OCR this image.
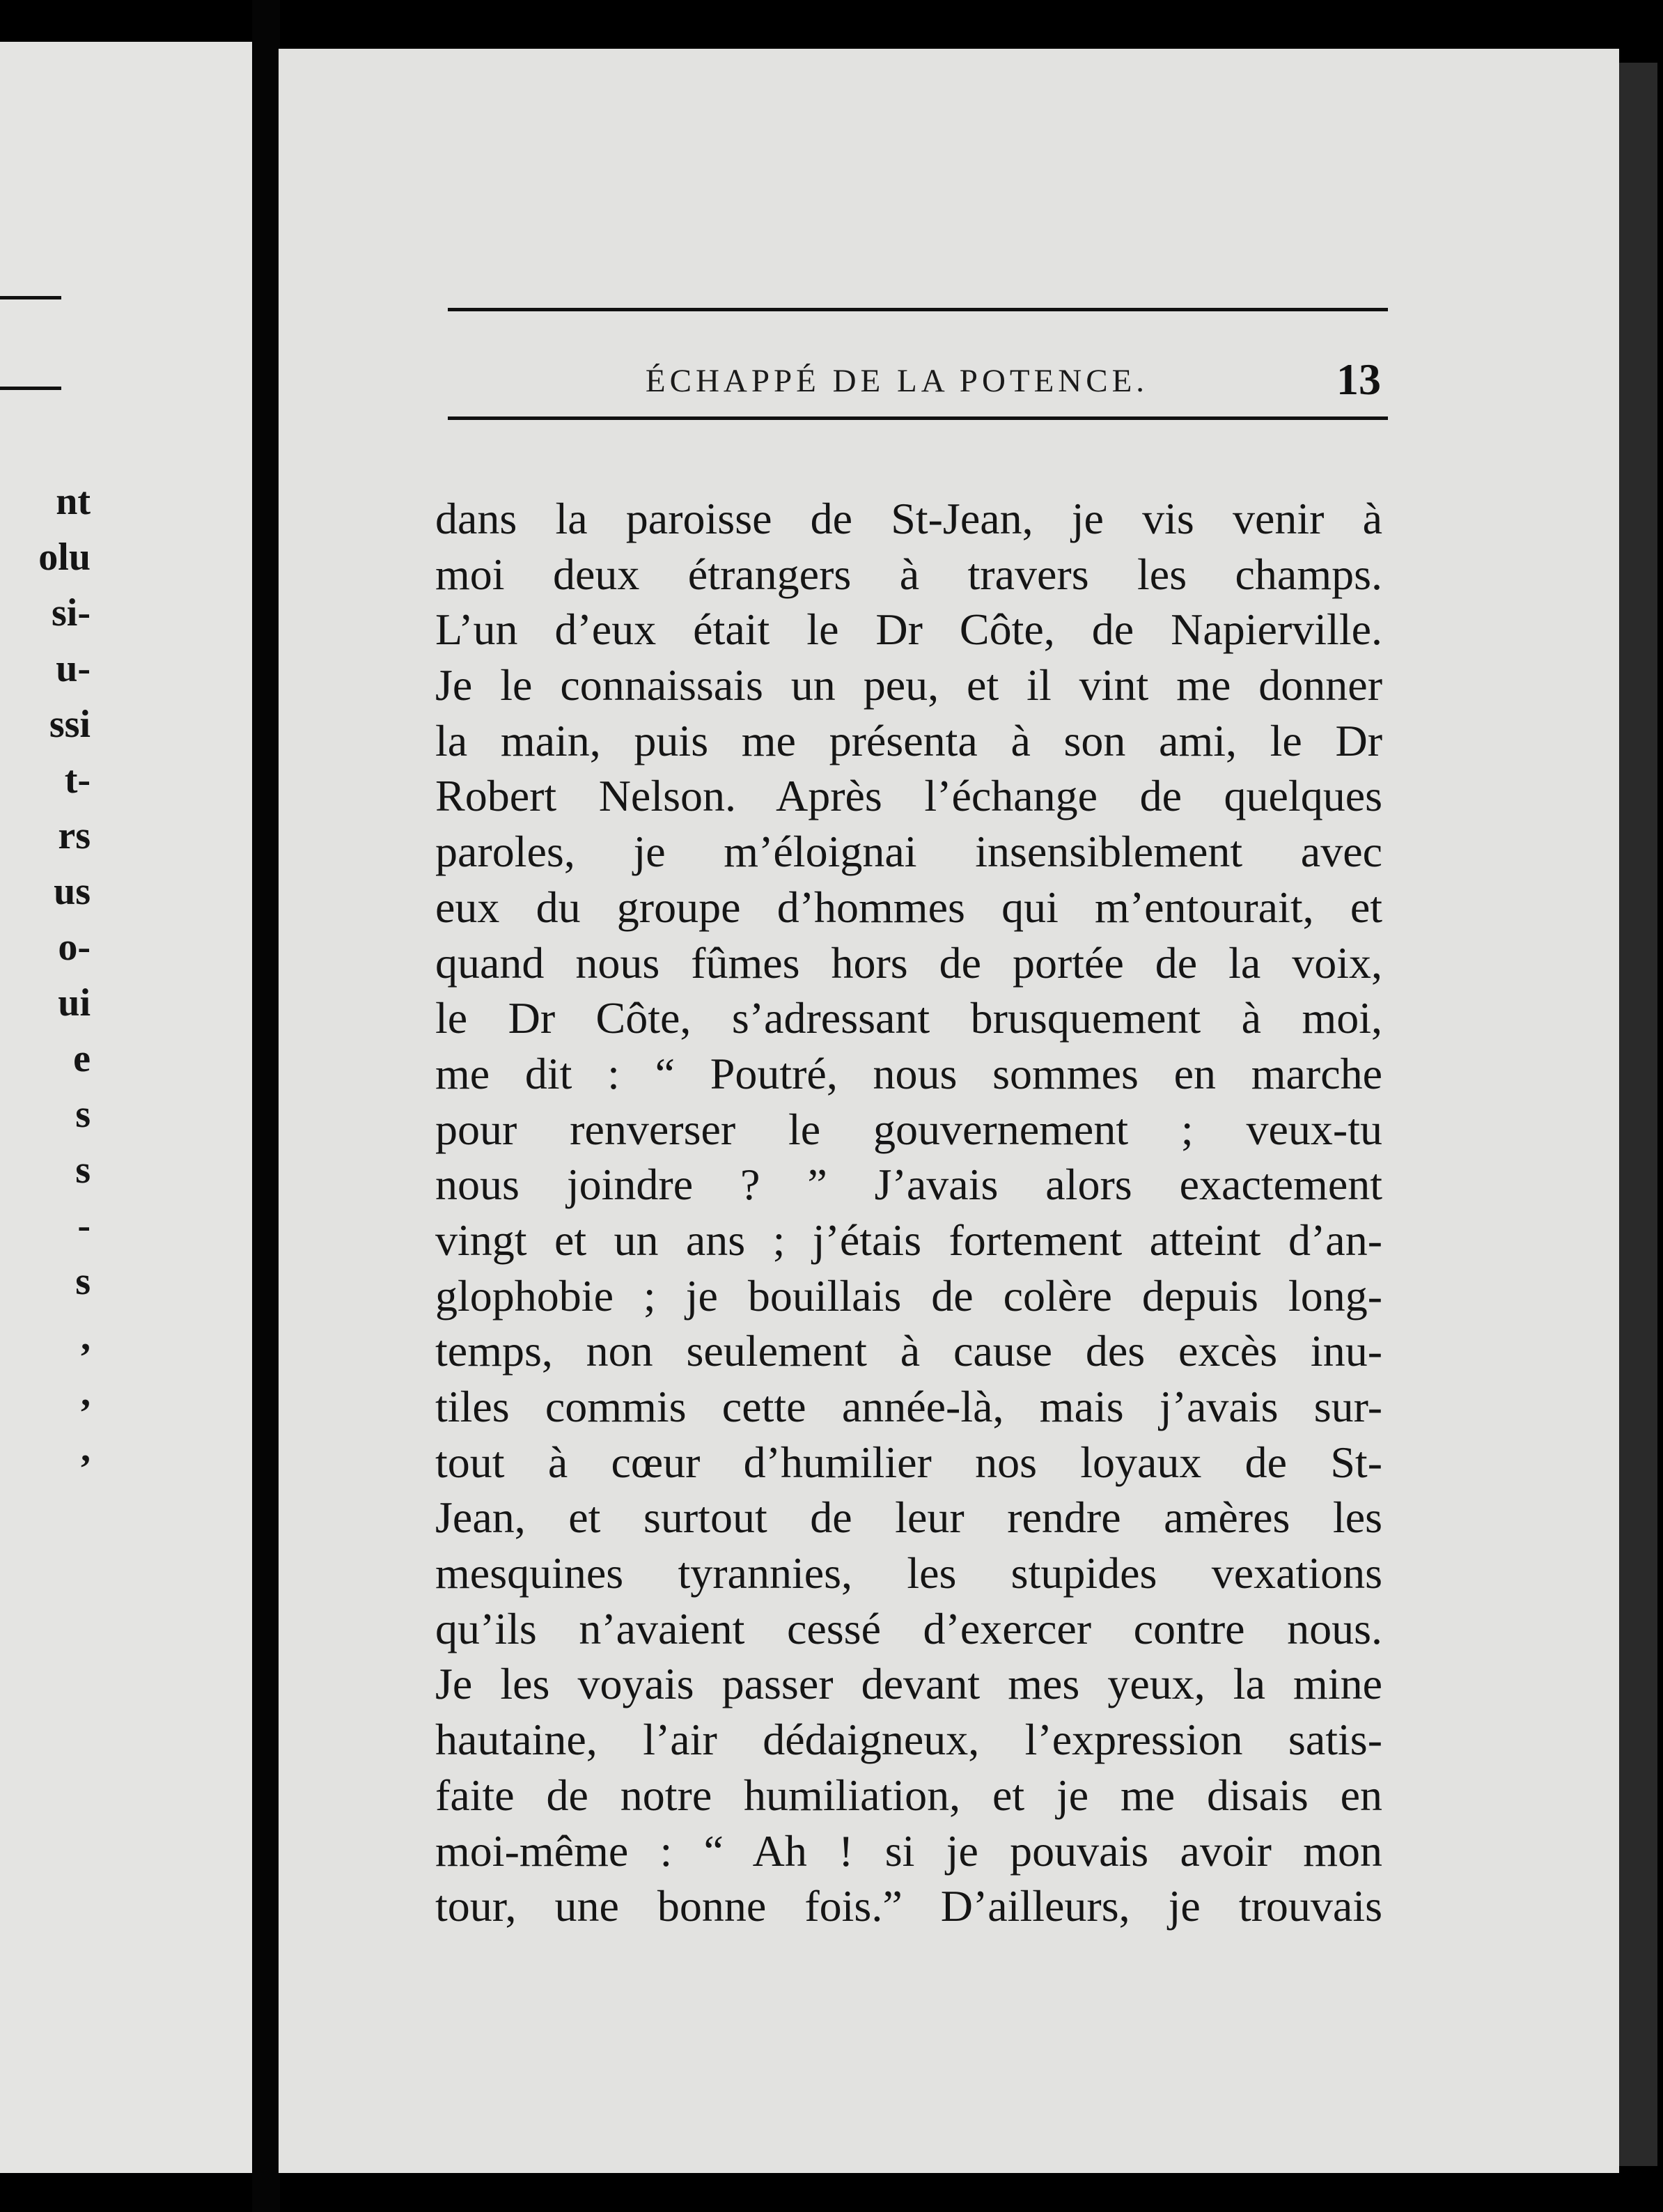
nt
olu
si-
u-
ssi
t-
rs
us
o-
ui
e
s
s
-
s
,
,
,
ÉCHAPPÉ DE LA POTENCE.	13
dans la paroisse de St-Jean, je vis venir à
moi deux étrangers à travers les champs.
L’un d’eux était le Dr Côte, de Napierville.
Je le connaissais un peu, et il vint me donner
la main, puis me présenta à son ami, le Dr
Robert Nelson. Après l’échange de quelques
paroles, je m’éloignai insensiblement avec
eux du groupe d’hommes qui m’entourait, et
quand nous fûmes hors de portée de la voix,
le Dr Côte, s’adressant brusquement à moi,
me dit : “ Poutré, nous sommes en marche
pour renverser le gouvernement ; veux-tu
nous joindre ? ” J’avais alors exactement
vingt et un ans ; j’étais fortement atteint d’an-
glophobie ; je bouillais de colère depuis long-
temps, non seulement à cause des excès inu-
tiles commis cette année-là, mais j’avais sur-
tout à cœur d’humilier nos loyaux de St-
Jean, et surtout de leur rendre amères les
mesquines tyrannies, les stupides vexations
qu’ils n’avaient cessé d’exercer contre nous.
Je les voyais passer devant mes yeux, la mine
hautaine, l’air dédaigneux, l’expression satis-
faite de notre humiliation, et je me disais en
moi-même : “ Ah ! si je pouvais avoir mon
tour, une bonne fois.” D’ailleurs, je trouvais
